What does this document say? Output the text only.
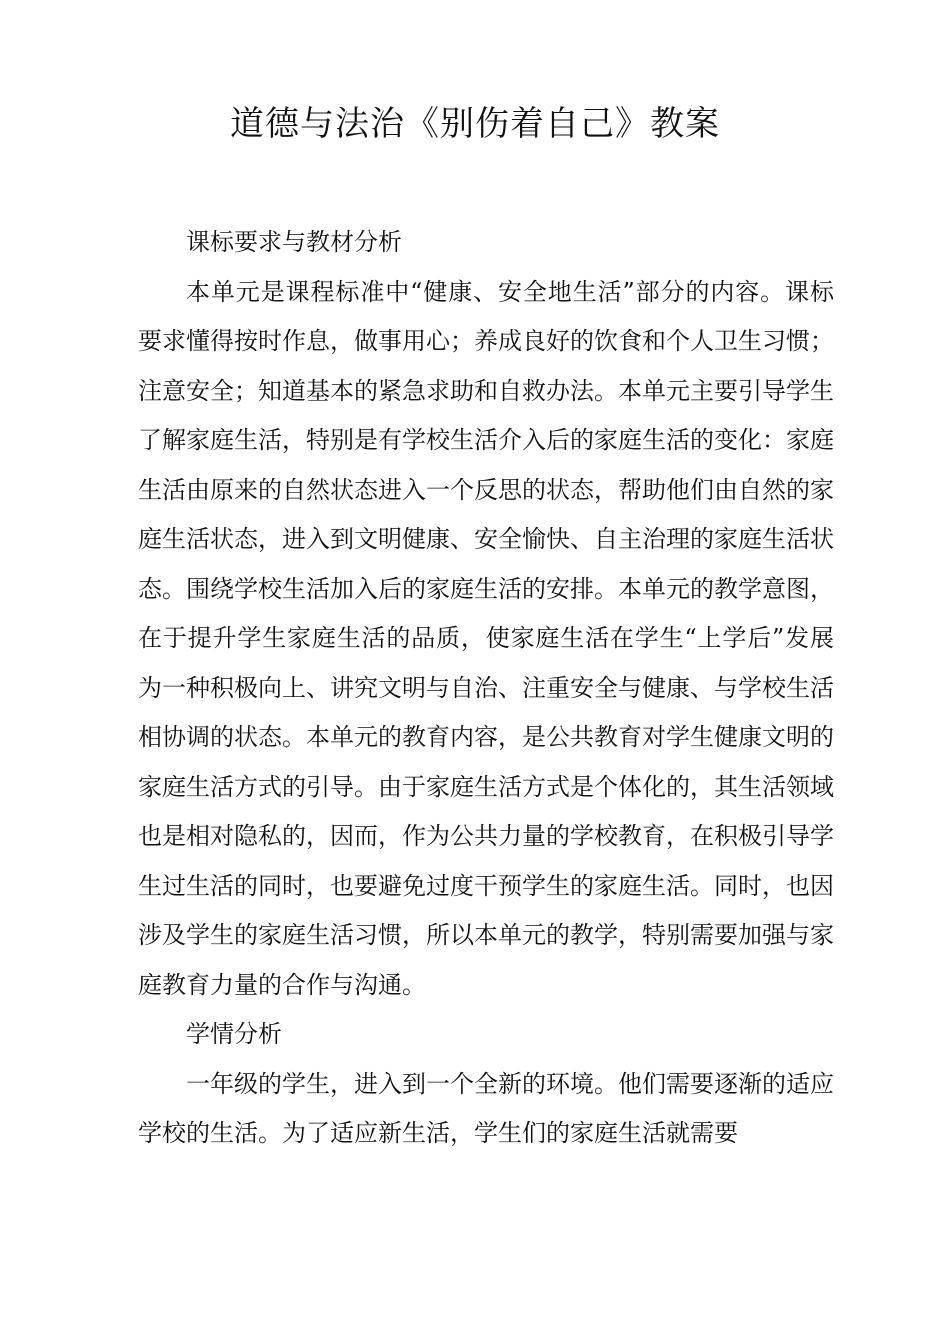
道德与法治《别伤着自己》教案

课标要求与教材分析

本单元是课程标准中“健康、安全地生活”部分的内容。课标要求懂得按时作息，做事用心；养成良好的饮食和个人卫生习惯；注意安全；知道基本的紧急求助和自救办法。本单元主要引导学生了解家庭生活，特别是有学校生活介入后的家庭生活的变化：家庭生活由原来的自然状态进入一个反思的状态，帮助他们由自然的家庭生活状态，进入到文明健康、安全愉快、自主治理的家庭生活状态。围绕学校生活加入后的家庭生活的安排。本单元的教学意图，在于提升学生家庭生活的品质，使家庭生活在学生“上学后”发展为一种积极向上、讲究文明与自治、注重安全与健康、与学校生活相协调的状态。本单元的教育内容，是公共教育对学生健康文明的家庭生活方式的引导。由于家庭生活方式是个体化的，其生活领域也是相对隐私的，因而，作为公共力量的学校教育，在积极引导学生过生活的同时，也要避免过度干预学生的家庭生活。同时，也因涉及学生的家庭生活习惯，所以本单元的教学，特别需要加强与家庭教育力量的合作与沟通。

学情分析

一年级的学生，进入到一个全新的环境。他们需要逐渐的适应学校的生活。为了适应新生活，学生们的家庭生活就需要
